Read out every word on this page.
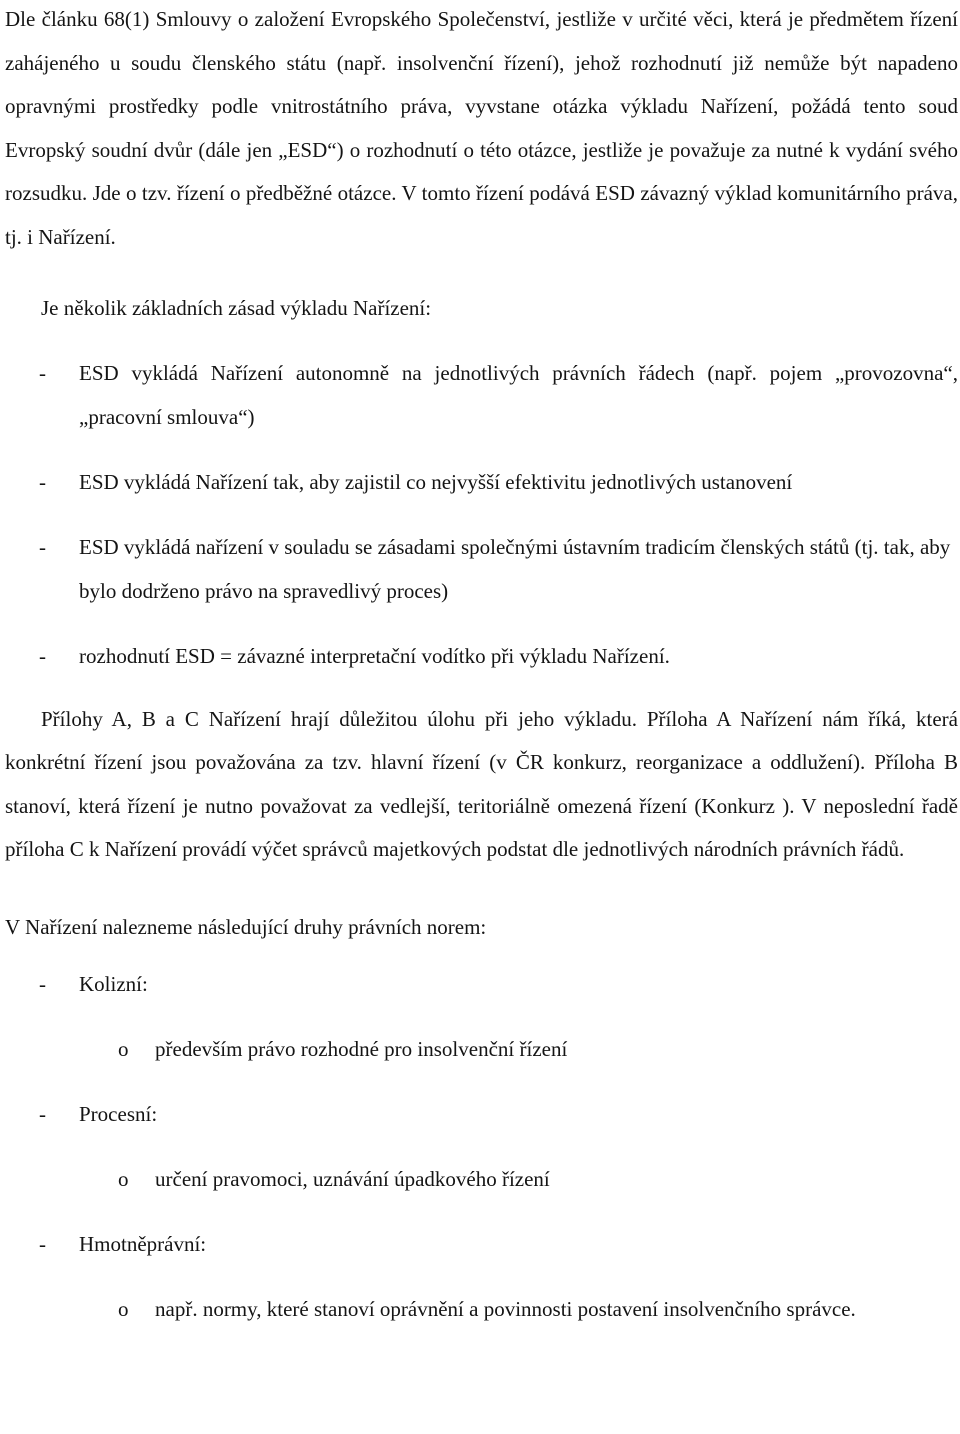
Dle článku 68(1) Smlouvy o založení Evropského Společenství, jestliže v určité věci, která je předmětem řízení zahájeného u soudu členského státu (např. insolvenční řízení), jehož rozhodnutí již nemůže být napadeno opravnými prostředky podle vnitrostátního práva, vyvstane otázka výkladu Nařízení, požádá tento soud Evropský soudní dvůr (dále jen „ESD“) o rozhodnutí o této otázce, jestliže je považuje za nutné k vydání svého rozsudku. Jde o tzv. řízení o předběžné otázce. V tomto řízení podává ESD závazný výklad komunitárního práva, tj. i Nařízení.

Je několik základních zásad výkladu Nařízení:

- ESD vykládá Nařízení autonomně na jednotlivých právních řádech (např. pojem „provozovna“, „pracovní smlouva“)
- ESD vykládá Nařízení tak, aby zajistil co nejvyšší efektivitu jednotlivých ustanovení
- ESD vykládá nařízení v souladu se zásadami společnými ústavním tradicím členských států (tj. tak, aby bylo dodrženo právo na spravedlivý proces)
- rozhodnutí ESD = závazné interpretační vodítko při výkladu Nařízení.

Přílohy A, B a C Nařízení hrají důležitou úlohu při jeho výkladu. Příloha A Nařízení nám říká, která konkrétní řízení jsou považována za tzv. hlavní řízení (v ČR konkurz, reorganizace a oddlužení). Příloha B stanoví, která řízení je nutno považovat za vedlejší, teritoriálně omezená řízení (Konkurz ). V neposlední řadě příloha C k Nařízení provádí výčet správců majetkových podstat dle jednotlivých národních právních řádů.

V Nařízení nalezneme následující druhy právních norem:

- Kolizní:
o především právo rozhodné pro insolvenční řízení
- Procesní:
o určení pravomoci, uznávání úpadkového řízení
- Hmotněprávní:
o např. normy, které stanoví oprávnění a povinnosti postavení insolvenčního správce.
